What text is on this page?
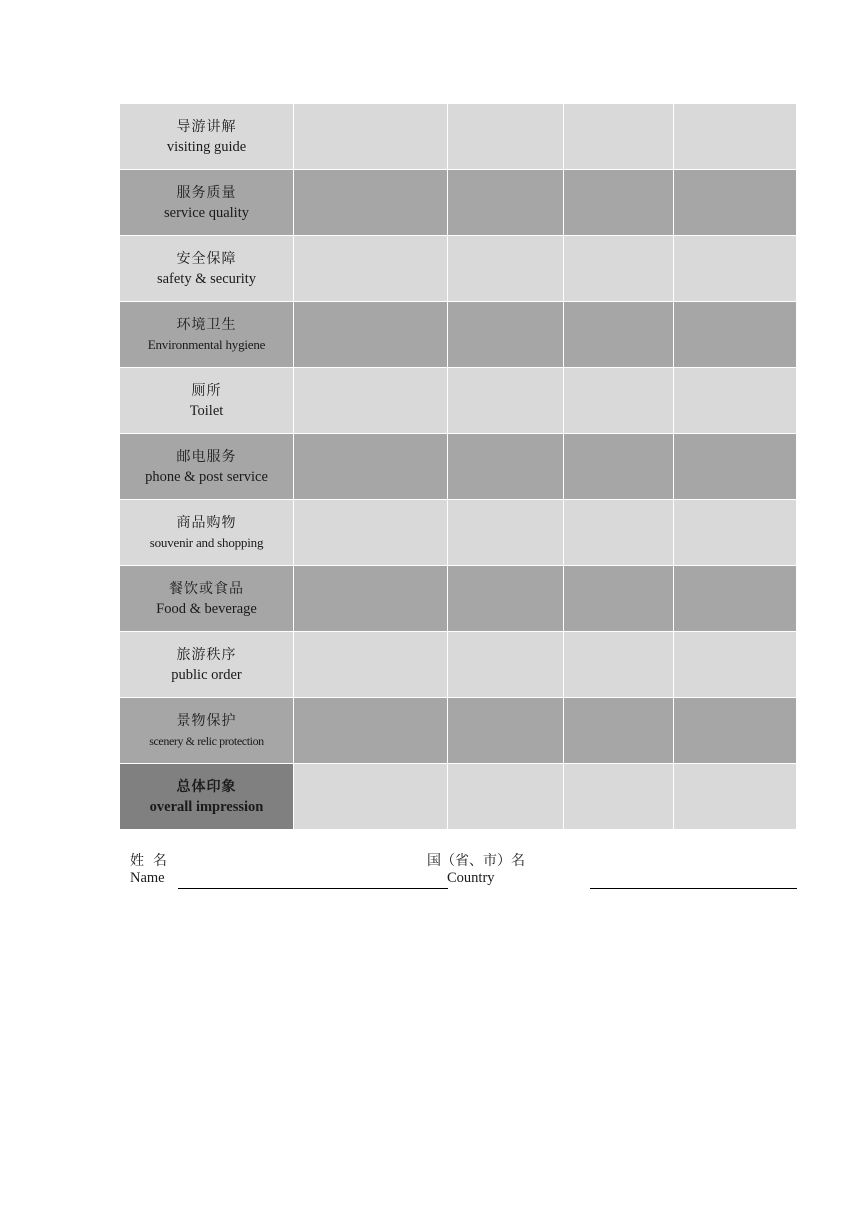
导游讲解
visiting guide
服务质量
service quality
安全保障
safety & security
环境卫生
Environmental hygiene
厕所
Toilet
邮电服务
phone & post service
商品购物
souvenir and shopping
餐饮或食品
Food & beverage
旅游秩序
public order
景物保护
scenery & relic protection
总体印象
overall impression
姓  名
Name
国（省、市）名
Country
